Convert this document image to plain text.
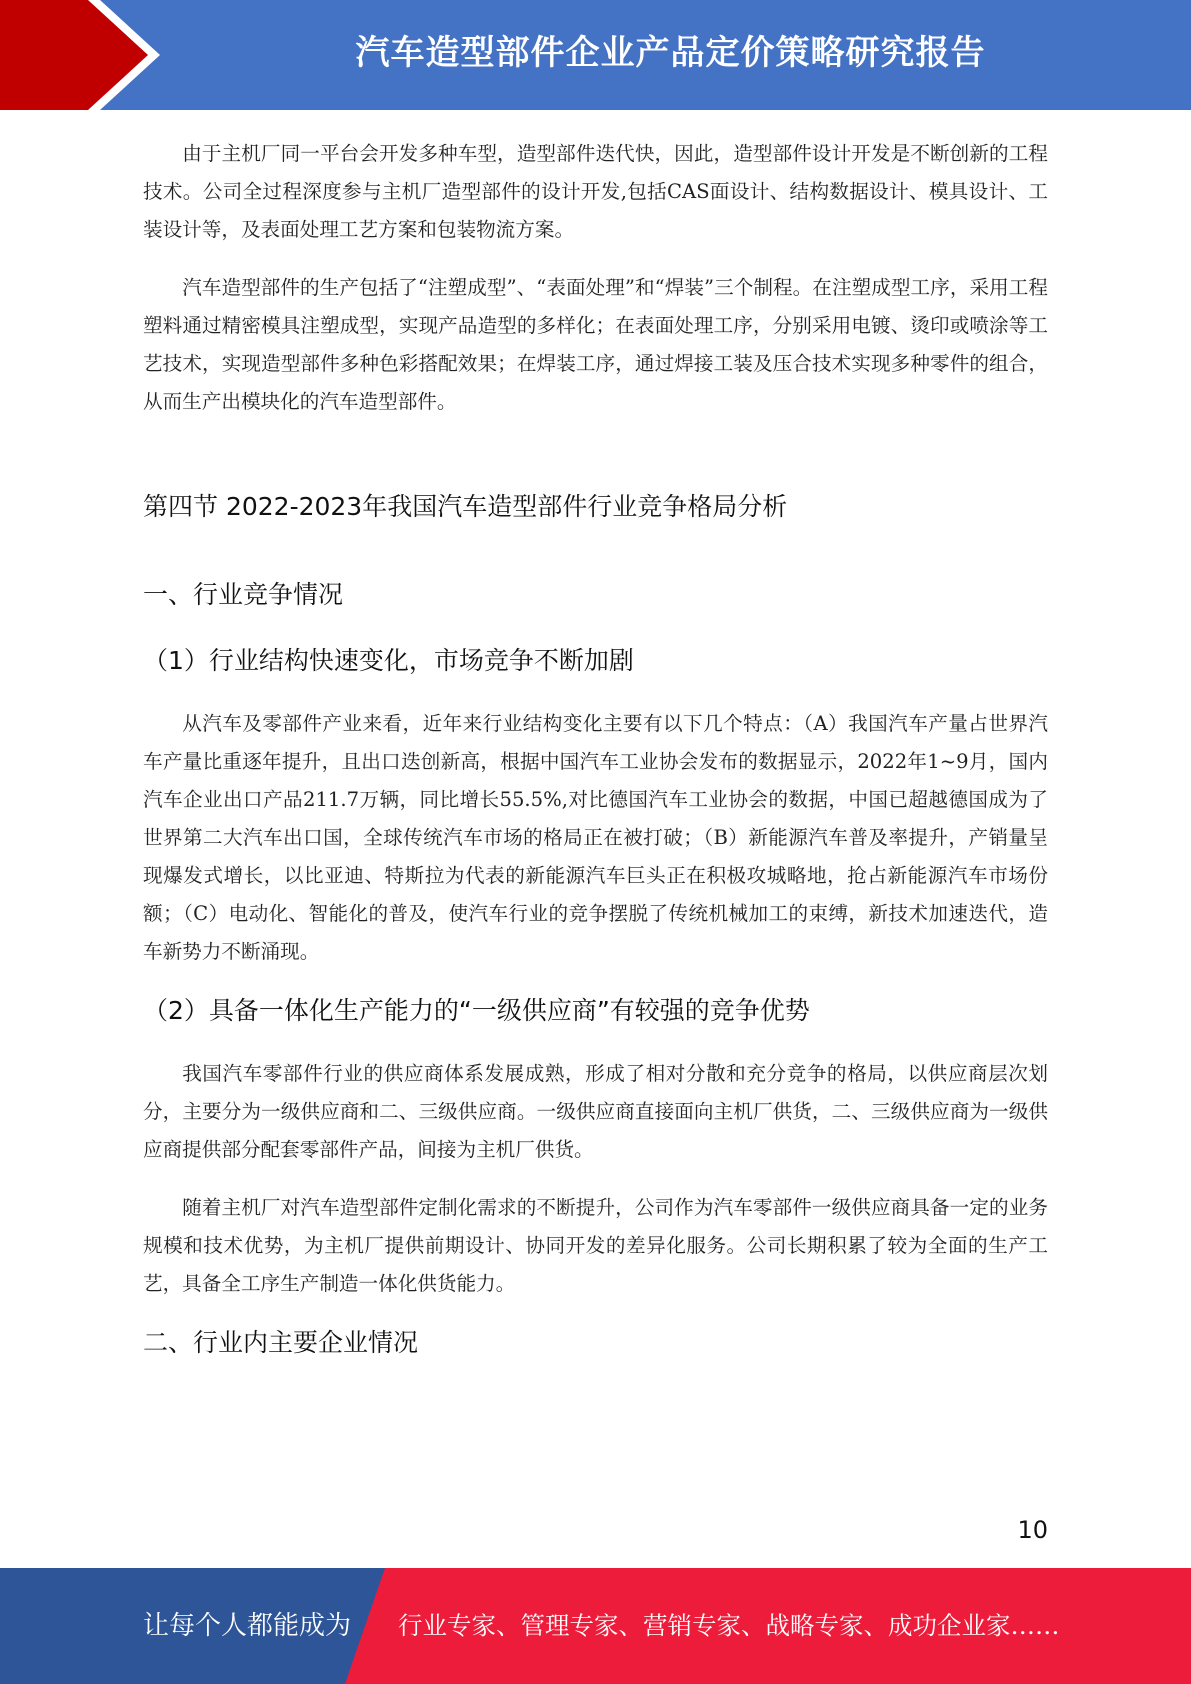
汽车造型部件企业产品定价策略研究报告

由于主机厂同一平台会开发多种车型，造型部件迭代快，因此，造型部件设计开发是不断创新的工程技术。公司全过程深度参与主机厂造型部件的设计开发,包括CAS面设计、结构数据设计、模具设计、工装设计等，及表面处理工艺方案和包装物流方案。

汽车造型部件的生产包括了“注塑成型”、“表面处理”和“焊装”三个制程。在注塑成型工序，采用工程塑料通过精密模具注塑成型，实现产品造型的多样化；在表面处理工序，分别采用电镀、烫印或喷涂等工艺技术，实现造型部件多种色彩搭配效果；在焊装工序，通过焊接工装及压合技术实现多种零件的组合，从而生产出模块化的汽车造型部件。

第四节 2022-2023年我国汽车造型部件行业竞争格局分析
一、行业竞争情况
（1）行业结构快速变化，市场竞争不断加剧

从汽车及零部件产业来看，近年来行业结构变化主要有以下几个特点：（A）我国汽车产量占世界汽车产量比重逐年提升，且出口迭创新高，根据中国汽车工业协会发布的数据显示，2022年1~9月，国内汽车企业出口产品211.7万辆，同比增长55.5%,对比德国汽车工业协会的数据，中国已超越德国成为了世界第二大汽车出口国，全球传统汽车市场的格局正在被打破；（B）新能源汽车普及率提升，产销量呈现爆发式增长，以比亚迪、特斯拉为代表的新能源汽车巨头正在积极攻城略地，抢占新能源汽车市场份额；（C）电动化、智能化的普及，使汽车行业的竞争摆脱了传统机械加工的束缚，新技术加速迭代，造车新势力不断涌现。

（2）具备一体化生产能力的“一级供应商”有较强的竞争优势

我国汽车零部件行业的供应商体系发展成熟，形成了相对分散和充分竞争的格局，以供应商层次划分，主要分为一级供应商和二、三级供应商。一级供应商直接面向主机厂供货，二、三级供应商为一级供应商提供部分配套零部件产品，间接为主机厂供货。

随着主机厂对汽车造型部件定制化需求的不断提升，公司作为汽车零部件一级供应商具备一定的业务规模和技术优势，为主机厂提供前期设计、协同开发的差异化服务。公司长期积累了较为全面的生产工艺，具备全工序生产制造一体化供货能力。

二、行业内主要企业情况
10
让每个人都能成为 行业专家、管理专家、营销专家、战略专家、成功企业家……
